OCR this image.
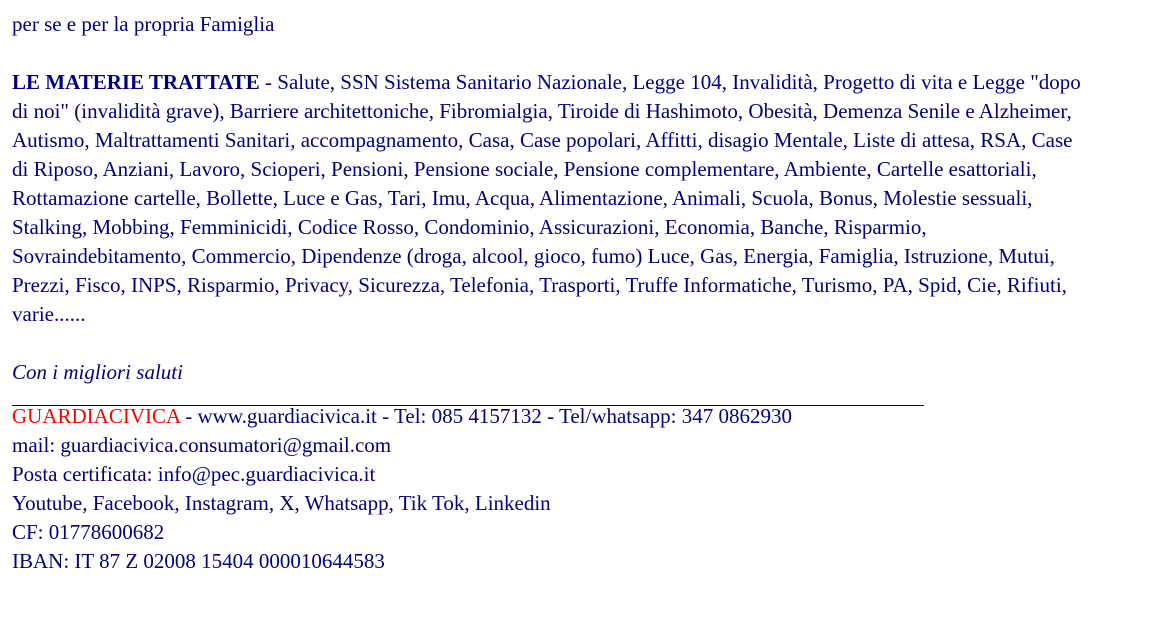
per se e per la propria Famiglia
LE MATERIE TRATTATE - Salute, SSN Sistema Sanitario Nazionale, Legge 104, Invalidità, Progetto di vita e Legge "dopo di noi" (invalidità grave), Barriere architettoniche, Fibromialgia, Tiroide di Hashimoto, Obesità, Demenza Senile e Alzheimer, Autismo, Maltrattamenti Sanitari, accompagnamento, Casa, Case popolari, Affitti, disagio Mentale, Liste di attesa, RSA, Case di Riposo, Anziani, Lavoro, Scioperi, Pensioni, Pensione sociale, Pensione complementare, Ambiente, Cartelle esattoriali, Rottamazione cartelle, Bollette, Luce e Gas, Tari, Imu, Acqua, Alimentazione, Animali, Scuola, Bonus, Molestie sessuali, Stalking, Mobbing, Femminicidi, Codice Rosso, Condominio, Assicurazioni, Economia, Banche, Risparmio, Sovraindebitamento, Commercio, Dipendenze (droga, alcool, gioco, fumo) Luce, Gas, Energia, Famiglia, Istruzione, Mutui, Prezzi, Fisco, INPS, Risparmio, Privacy, Sicurezza, Telefonia, Trasporti, Truffe Informatiche, Turismo, PA, Spid, Cie, Rifiuti, varie......
Con i migliori saluti
GUARDIACIVICA - www.guardiacivica.it - Tel: 085 4157132 - Tel/whatsapp: 347 0862930
mail: guardiacivica.consumatori@gmail.com
Posta certificata: info@pec.guardiacivica.it
Youtube, Facebook, Instagram, X, Whatsapp, Tik Tok, Linkedin
CF: 01778600682
IBAN: IT 87 Z 02008 15404 000010644583
